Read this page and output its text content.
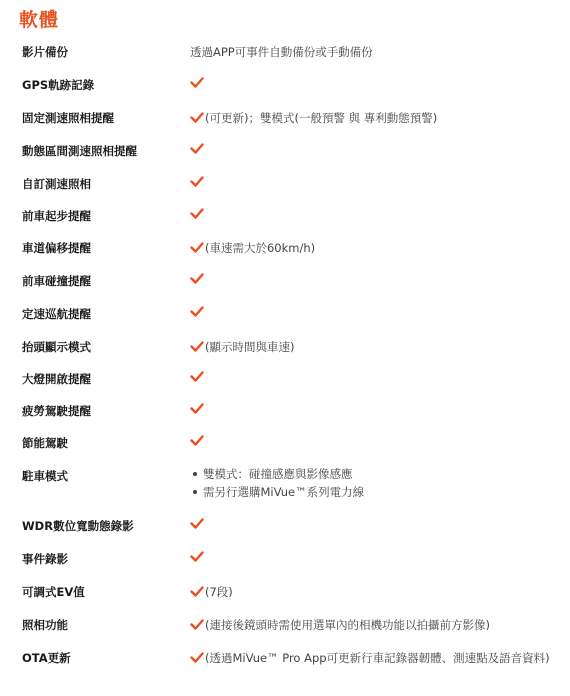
軟體
影片備份	透過APP可事件自動備份或手動備份
GPS軌跡記錄
固定測速照相提醒	(可更新)；雙模式(一般預警 與 專利動態預警)
動態區間測速照相提醒
自訂測速照相
前車起步提醒
車道偏移提醒	(車速需大於60km/h)
前車碰撞提醒
定速巡航提醒
抬頭顯示模式	(顯示時間與車速)
大燈開啟提醒
疲勞駕駛提醒
節能駕駛
駐車模式	雙模式：碰撞感應與影像感應
需另行選購MiVue™系列電力線
WDR數位寬動態錄影
事件錄影
可調式EV值	(7段)
照相功能	(連接後鏡頭時需使用選單內的相機功能以拍攝前方影像)
OTA更新	(透過MiVue™ Pro App可更新行車記錄器韌體、測速點及語音資料)
